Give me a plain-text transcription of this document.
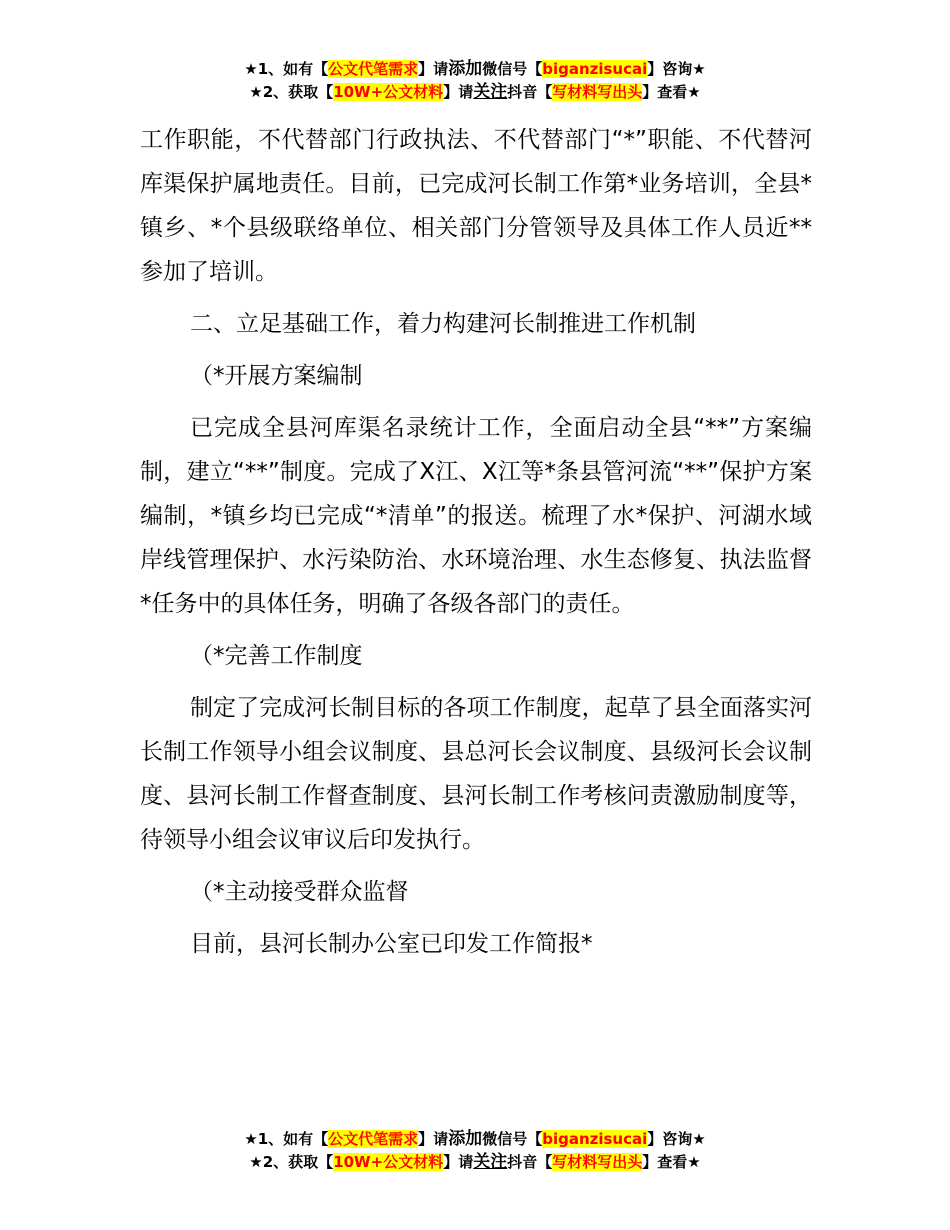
★1、如有【公文代笔需求】请添加微信号【biganzisucai】咨询★
★2、获取【10W+公文材料】请关注抖音【写材料写出头】查看★

工作职能，不代替部门行政执法、不代替部门“*”职能、不代替河库渠保护属地责任。目前，已完成河长制工作第*业务培训，全县*镇乡、*个县级联络单位、相关部门分管领导及具体工作人员近**参加了培训。

二、立足基础工作，着力构建河长制推进工作机制

（*开展方案编制

已完成全县河库渠名录统计工作，全面启动全县“**”方案编制，建立“**”制度。完成了X江、X江等*条县管河流“**”保护方案编制，*镇乡均已完成“*清单”的报送。梳理了水*保护、河湖水域岸线管理保护、水污染防治、水环境治理、水生态修复、执法监督*任务中的具体任务，明确了各级各部门的责任。

（*完善工作制度

制定了完成河长制目标的各项工作制度，起草了县全面落实河长制工作领导小组会议制度、县总河长会议制度、县级河长会议制度、县河长制工作督查制度、县河长制工作考核问责激励制度等，待领导小组会议审议后印发执行。

（*主动接受群众监督

目前，县河长制办公室已印发工作简报*

★1、如有【公文代笔需求】请添加微信号【biganzisucai】咨询★
★2、获取【10W+公文材料】请关注抖音【写材料写出头】查看★
